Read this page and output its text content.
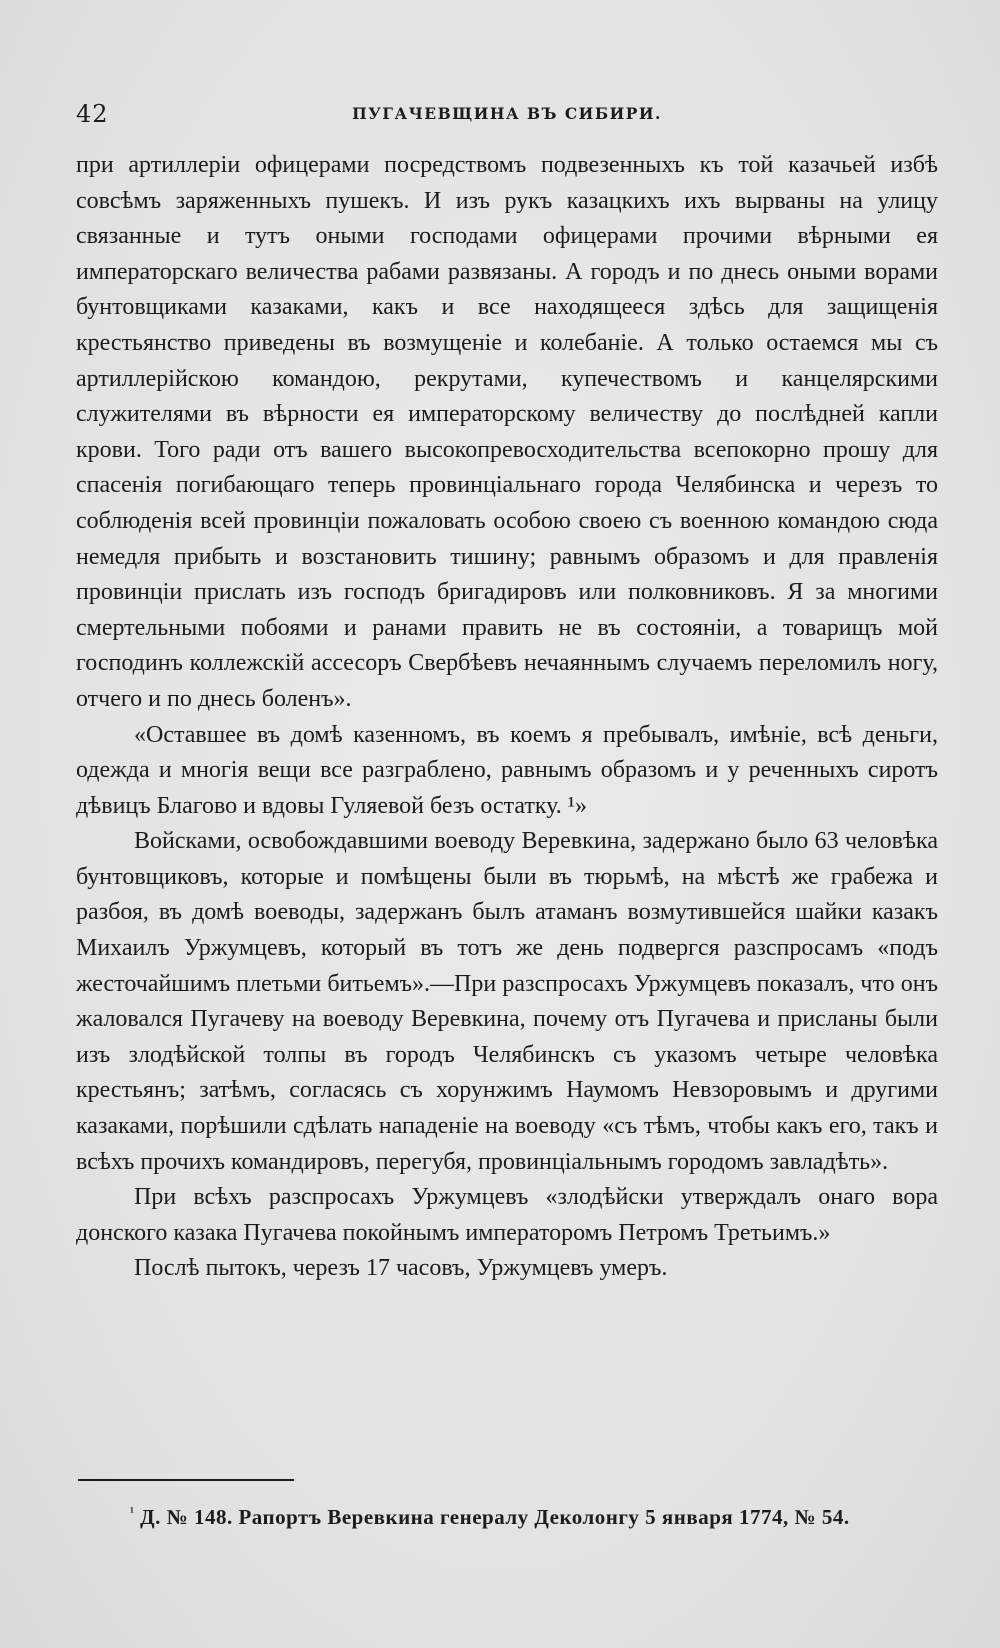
42	ПУГАЧЕВЩИНА ВЪ СИБИРИ.

при артиллеріи офицерами посредствомъ подвезенныхъ къ той казачьей избѣ совсѣмъ заряженныхъ пушекъ. И изъ рукъ казацкихъ ихъ вырваны на улицу связанные и тутъ оными господами офицерами прочими вѣрными ея императорскаго величества рабами развязаны. А городъ и по днесь оными ворами бунтовщиками казаками, какъ и все находящееся здѣсь для защищенія крестьянство приведены въ возмущеніе и колебаніе. А только остаемся мы съ артиллерійскою командою, рекрутами, купечествомъ и канцелярскими служителями въ вѣрности ея императорскому величеству до послѣдней капли крови. Того ради отъ вашего высокопревосходительства всепокорно прошу для спасенія погибающаго теперь провинціальнаго города Челябинска и черезъ то соблюденія всей провинціи пожаловать особою своею съ военною командою сюда немедля прибыть и возстановить тишину; равнымъ образомъ и для правленія провинціи прислать изъ господъ бригадировъ или полковниковъ. Я за многими смертельными побоями и ранами править не въ состояніи, а товарищъ мой господинъ коллежскій ассесоръ Свербѣевъ нечаяннымъ случаемъ переломилъ ногу, отчего и по днесь боленъ».

«Оставшее въ домѣ казенномъ, въ коемъ я пребывалъ, имѣніе, всѣ деньги, одежда и многія вещи все разграблено, равнымъ образомъ и у реченныхъ сиротъ дѣвицъ Благово и вдовы Гуляевой безъ остатку. ¹»

Войсками, освобождавшими воеводу Веревкина, задержано было 63 человѣка бунтовщиковъ, которые и помѣщены были въ тюрьмѣ, на мѣстѣ же грабежа и разбоя, въ домѣ воеводы, задержанъ былъ атаманъ возмутившейся шайки казакъ Михаилъ Уржумцевъ, который въ тотъ же день подвергся разспросамъ «подъ жесточайшимъ плетьми битьемъ».—При разспросахъ Уржумцевъ показалъ, что онъ жаловался Пугачеву на воеводу Веревкина, почему отъ Пугачева и присланы были изъ злодѣйской толпы въ городъ Челябинскъ съ указомъ четыре человѣка крестьянъ; затѣмъ, согласясь съ хорунжимъ Наумомъ Невзоровымъ и другими казаками, порѣшили сдѣлать нападеніе на воеводу «съ тѣмъ, чтобы какъ его, такъ и всѣхъ прочихъ командировъ, перегубя, провинціальнымъ городомъ завладѣть».

При всѣхъ разспросахъ Уржумцевъ «злодѣйски утверждалъ онаго вора донского казака Пугачева покойнымъ императоромъ Петромъ Третьимъ.»

Послѣ пытокъ, черезъ 17 часовъ, Уржумцевъ умеръ.

$^{^1}$ Д. № 148. Рапортъ Веревкина генералу Деколонгу 5 января 1774, № 54.
